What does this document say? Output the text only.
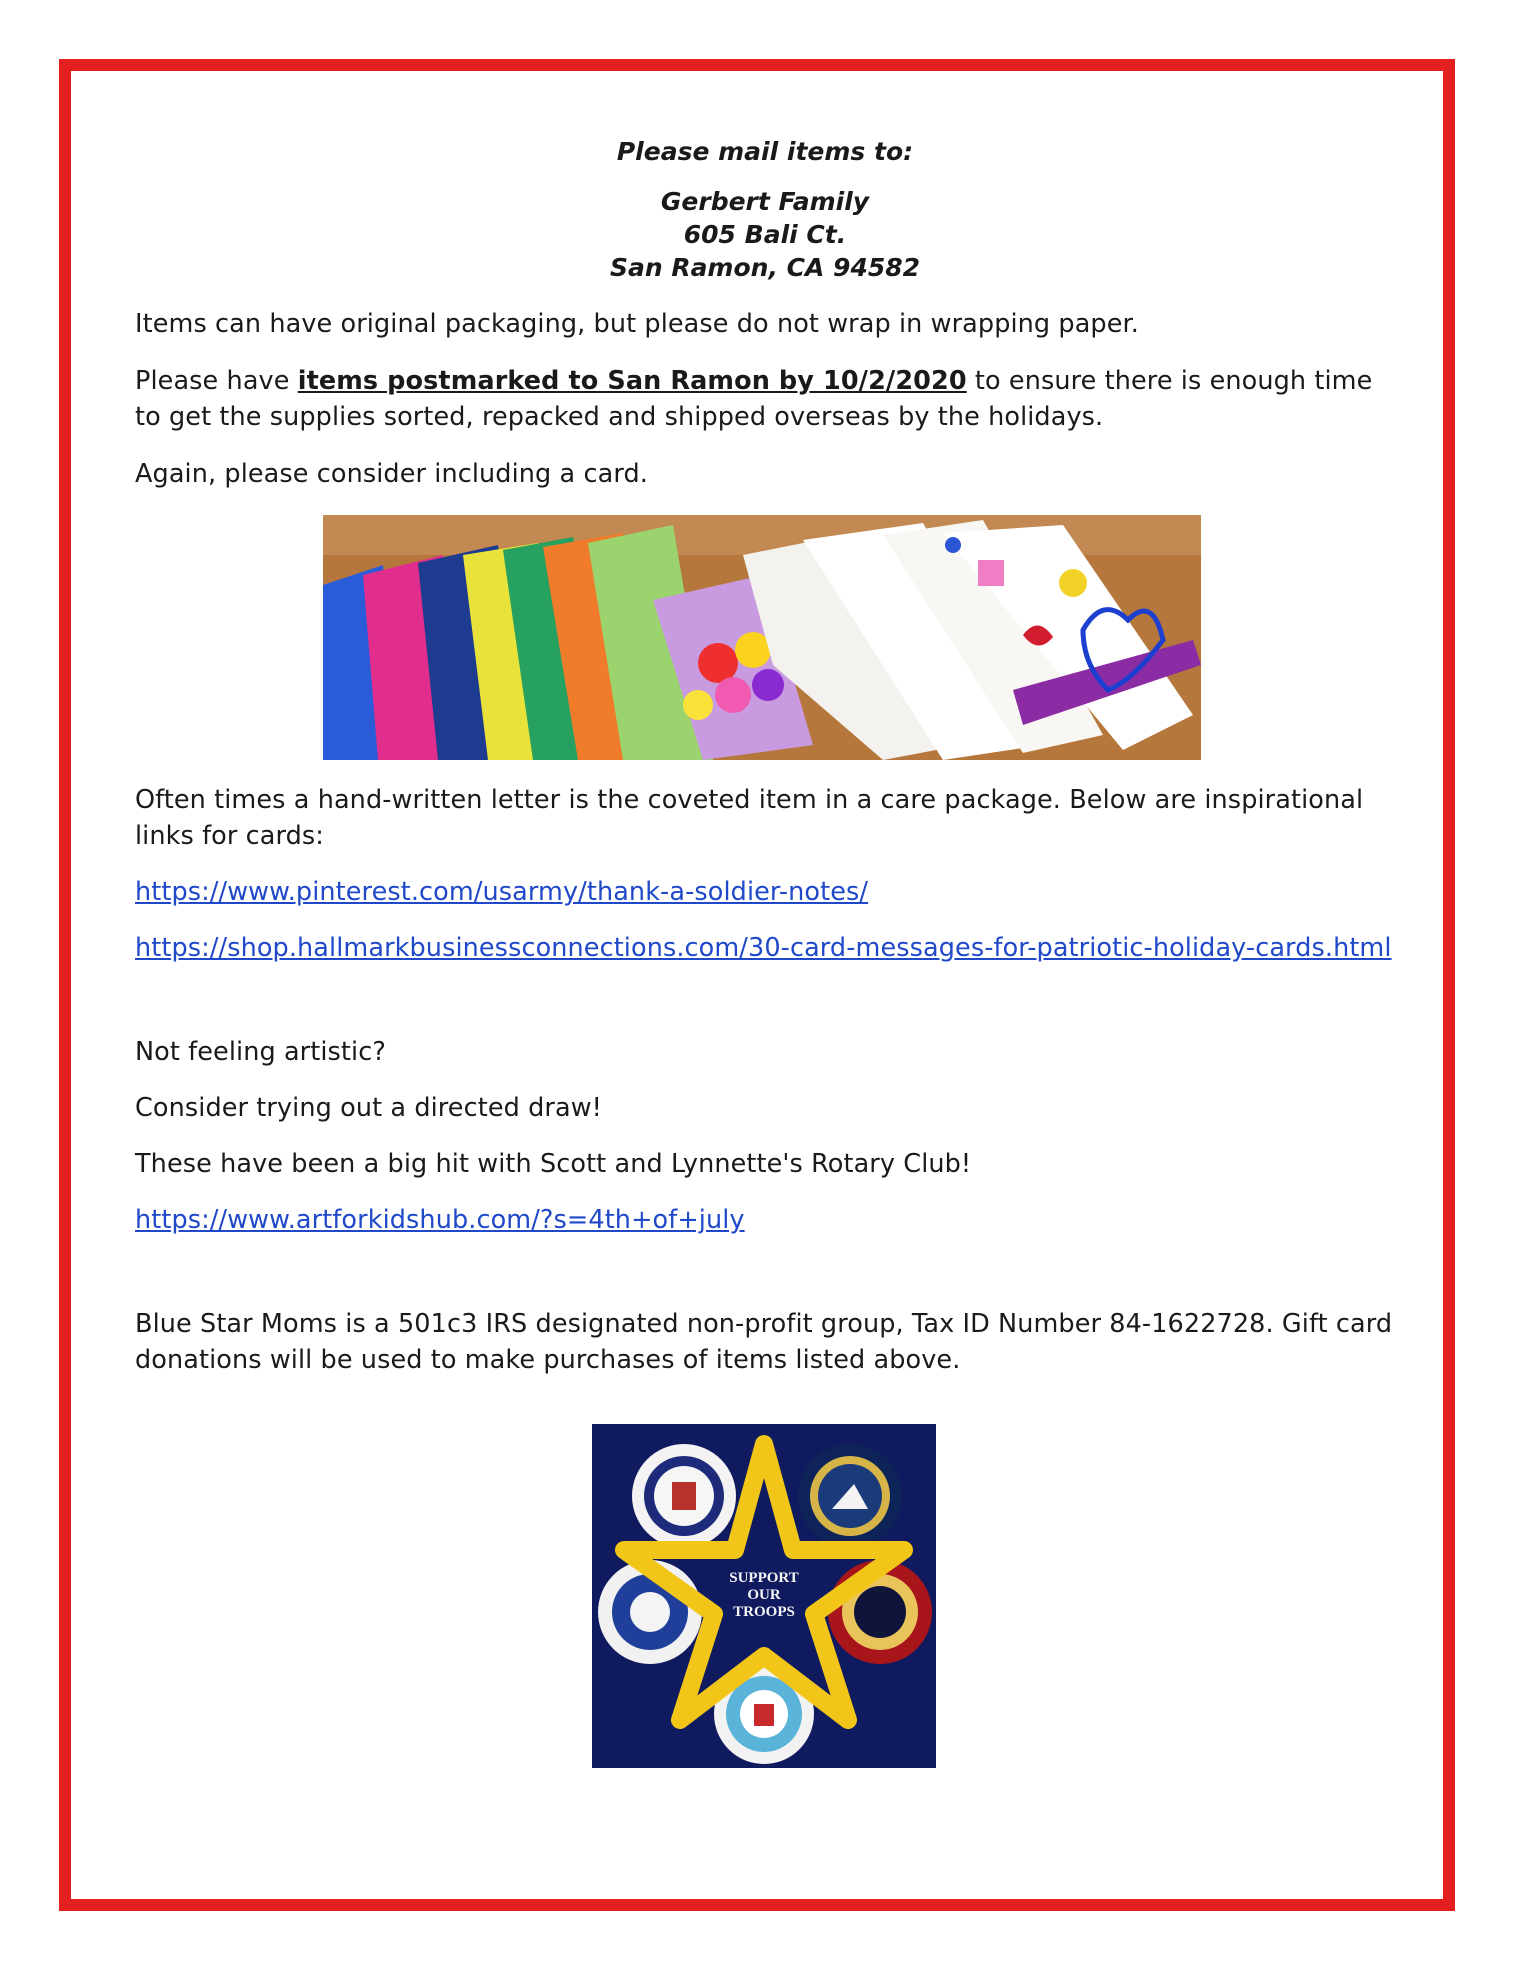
Please mail items to:
Gerbert Family
605 Bali Ct.
San Ramon, CA 94582

Items can have original packaging, but please do not wrap in wrapping paper.

Please have items postmarked to San Ramon by 10/2/2020 to ensure there is enough time to get the supplies sorted, repacked and shipped overseas by the holidays.

Again, please consider including a card.

Often times a hand-written letter is the coveted item in a care package. Below are inspirational links for cards:

https://www.pinterest.com/usarmy/thank-a-soldier-notes/

https://shop.hallmarkbusinessconnections.com/30-card-messages-for-patriotic-holiday-cards.html

Not feeling artistic?

Consider trying out a directed draw!

These have been a big hit with Scott and Lynnette's Rotary Club!

https://www.artforkidshub.com/?s=4th+of+july

Blue Star Moms is a 501c3 IRS designated non-profit group, Tax ID Number 84-1622728. Gift card donations will be used to make purchases of items listed above.

SUPPORT
OUR
TROOPS
